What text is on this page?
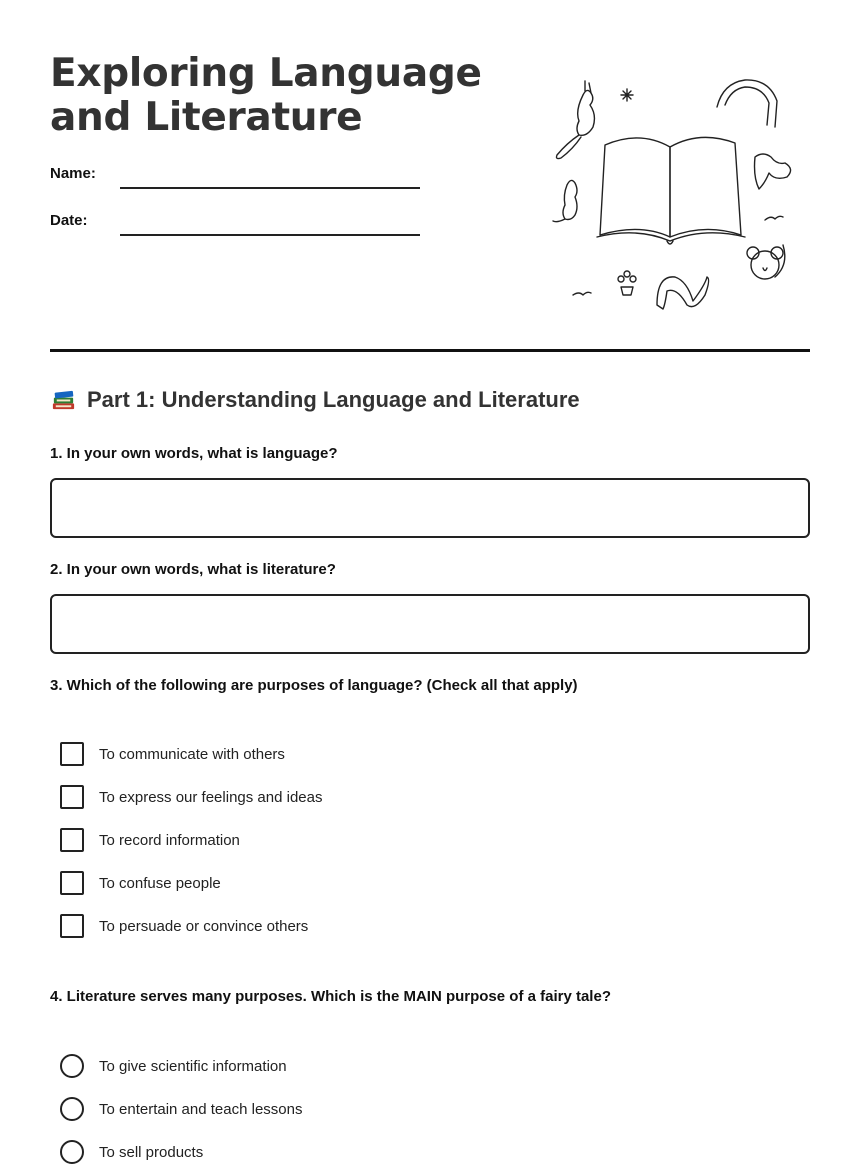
Exploring Language and Literature
Name:
Date:
Part 1: Understanding Language and Literature

1. In your own words, what is language?

2. In your own words, what is literature?

3. Which of the following are purposes of language? (Check all that apply)

To communicate with others
To express our feelings and ideas
To record information
To confuse people
To persuade or convince others

4. Literature serves many purposes. Which is the MAIN purpose of a fairy tale?

To give scientific information
To entertain and teach lessons
To sell products
